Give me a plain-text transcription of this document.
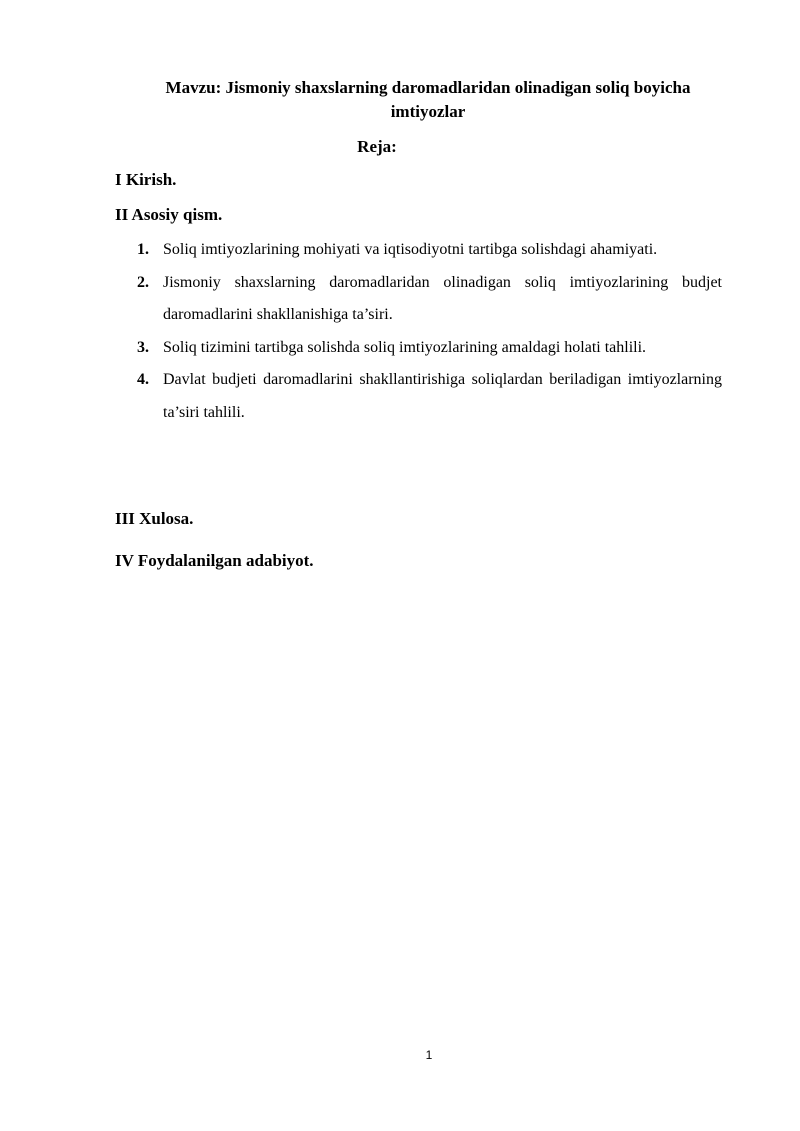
Mavzu: Jismoniy shaxslarning daromadlaridan olinadigan soliq boyicha imtiyozlar

Reja:

I Kirish.

II Asosiy qism.

1. Soliq imtiyozlarining mohiyati va iqtisodiyotni tartibga solishdagi ahamiyati.
2. Jismoniy shaxslarning daromadlaridan olinadigan soliq imtiyozlarining budjet daromadlarini shakllanishiga ta’siri.
3. Soliq tizimini tartibga solishda soliq imtiyozlarining amaldagi holati tahlili.
4. Davlat budjeti daromadlarini shakllantirishiga soliqlardan beriladigan imtiyozlarning ta’siri tahlili.

III Xulosa.

IV Foydalanilgan adabiyot.

1
